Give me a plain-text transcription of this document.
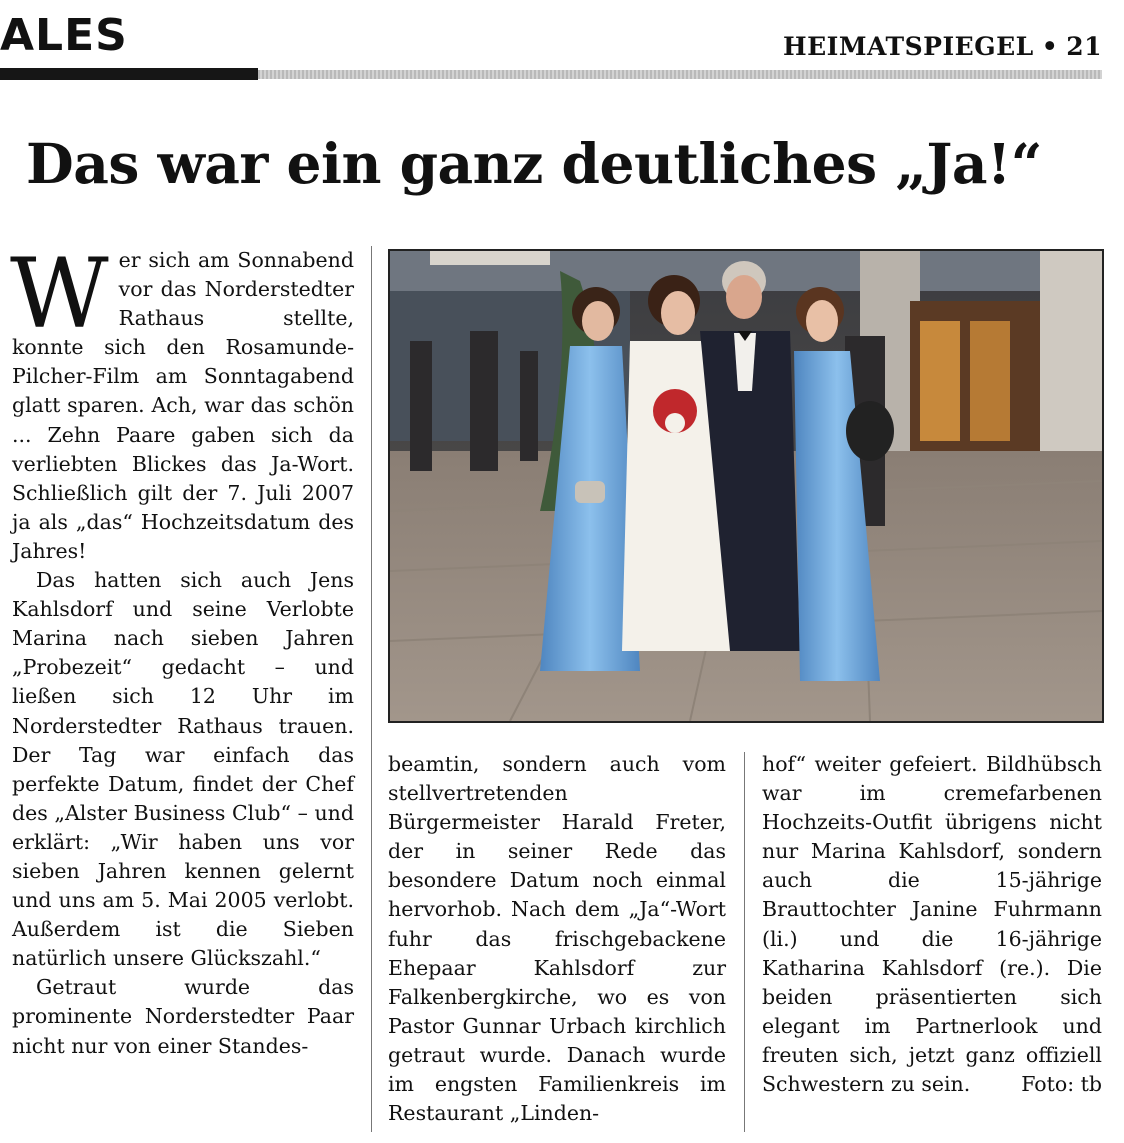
ALES	HEIMATSPIEGEL • 21
Das war ein ganz deutliches „Ja!“

Wer sich am Sonnabend vor das Norderstedter Rathaus stellte, konnte sich den Rosamunde-Pilcher-Film am Sonntagabend glatt sparen. Ach, war das schön ... Zehn Paare gaben sich da verliebten Blickes das Ja-Wort. Schließlich gilt der 7. Juli 2007 ja als „das“ Hochzeitsdatum des Jahres!

Das hatten sich auch Jens Kahlsdorf und seine Verlobte Marina nach sieben Jahren „Probezeit“ gedacht – und ließen sich 12 Uhr im Norderstedter Rathaus trauen. Der Tag war einfach das perfekte Datum, findet der Chef des „Alster Business Club“ – und erklärt: „Wir haben uns vor sieben Jahren kennen gelernt und uns am 5. Mai 2005 verlobt. Außerdem ist die Sieben natürlich unsere Glückszahl.“

Getraut wurde das prominente Norderstedter Paar nicht nur von einer Standes-

beamtin, sondern auch vom stellvertretenden Bürgermeister Harald Freter, der in seiner Rede das besondere Datum noch einmal hervorhob. Nach dem „Ja“-Wort fuhr das frischgebackene Ehepaar Kahlsdorf zur Falkenbergkirche, wo es von Pastor Gunnar Urbach kirchlich getraut wurde. Danach wurde im engsten Familienkreis im Restaurant „Linden-

hof“ weiter gefeiert. Bildhübsch war im cremefarbenen Hochzeits-Outfit übrigens nicht nur Marina Kahlsdorf, sondern auch die 15-jährige Brauttochter Janine Fuhrmann (li.) und die 16-jährige Katharina Kahlsdorf (re.). Die beiden präsentierten sich elegant im Partnerlook und freuten sich, jetzt ganz offiziell Schwestern zu sein. Foto: tb
